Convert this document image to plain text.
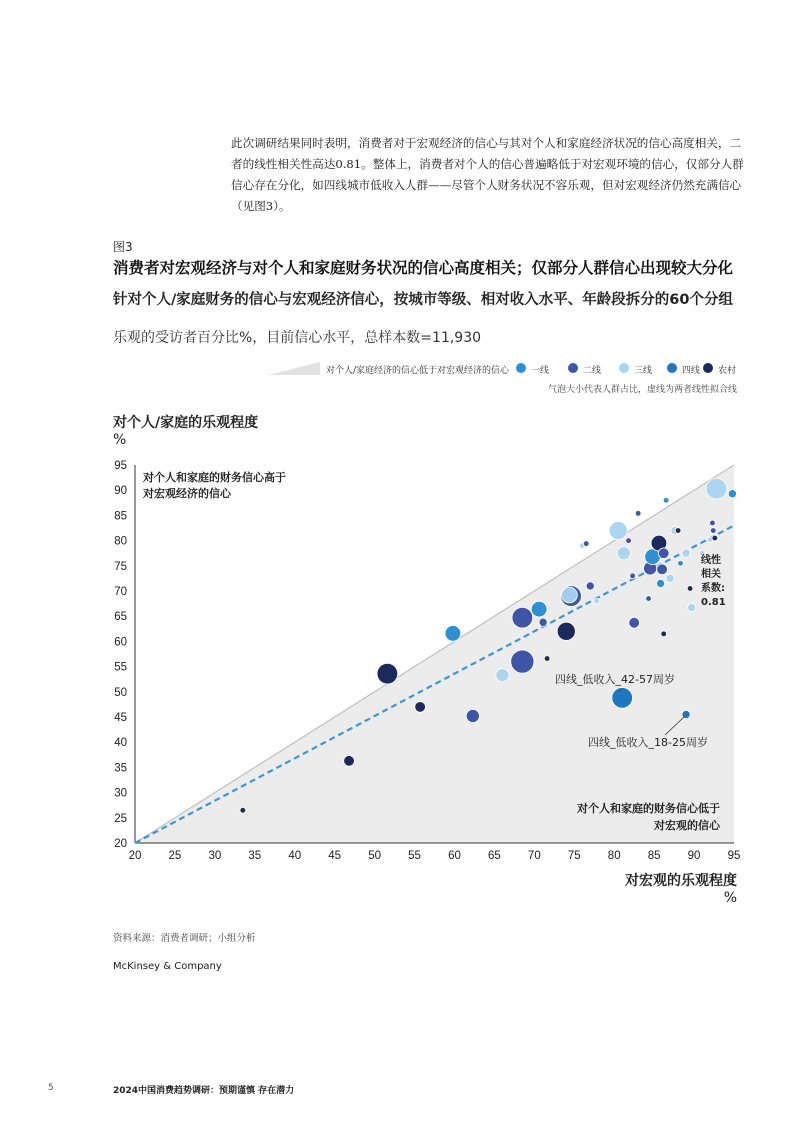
此次调研结果同时表明，消费者对于宏观经济的信心与其对个人和家庭经济状况的信心高度相关，二者的线性相关性高达0.81。整体上，消费者对个人的信心普遍略低于对宏观环境的信心，仅部分人群信心存在分化，如四线城市低收入人群——尽管个人财务状况不容乐观，但对宏观经济仍然充满信心（见图3）。
图3
消费者对宏观经济与对个人和家庭财务状况的信心高度相关；仅部分人群信心出现较大分化
针对个人/家庭财务的信心与宏观经济信心，按城市等级、相对收入水平、年龄段拆分的60个分组
乐观的受访者百分比%，目前信心水平，总样本数=11,930
对个人/家庭经济的信心低于对宏观经济的信心 一线	二线	三线	四线 农村
气泡大小代表人群占比，虚线为两者线性拟合线
对个人/家庭的乐观程度
%
20
25
30
35
40
45
50
55
60
65
70
75
80
85
90
95
20 25 30 35 40 45 50 55 60 65 70 75 80 85 90 95
对个人和家庭的财务信心高于
对宏观经济的信心
对个人和家庭的财务信心低于
对宏观的信心
线性
相关
系数:
0.81
四线_低收入_42-57周岁
四线_低收入_18-25周岁
对宏观的乐观程度
%
资料来源：消费者调研；小组分析
McKinsey & Company
5	2024中国消费趋势调研：预期谨慎 存在潜力
